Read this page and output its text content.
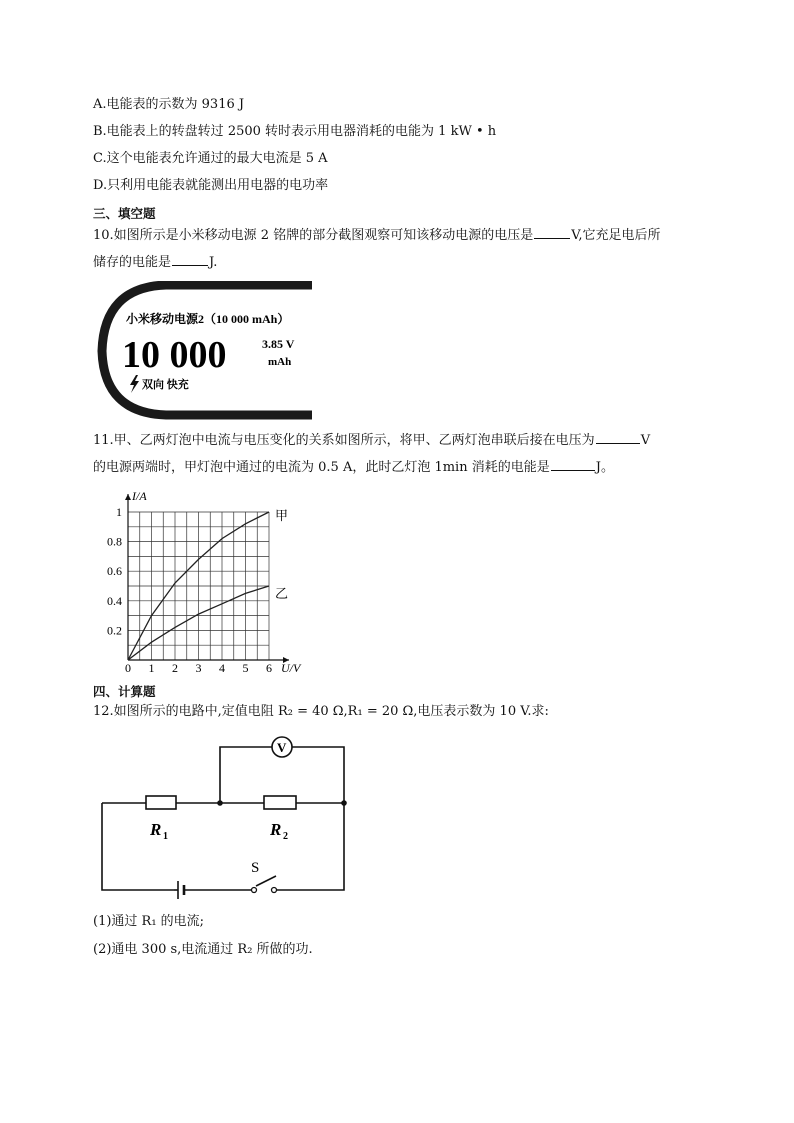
A.电能表的示数为 9316 J
B.电能表上的转盘转过 2500 转时表示用电器消耗的电能为 1 kW • h
C.这个电能表允许通过的最大电流是 5 A
D.只利用电能表就能测出用电器的电功率
三、填空题
10.如图所示是小米移动电源 2 铭牌的部分截图观察可知该移动电源的电压是	V,它充足电后所
储存的电能是	J.
小米移动电源2（10 000 mAh）
10 000	3.85 V
mAh
双向 快充
11.甲、乙两灯泡中电流与电压变化的关系如图所示，将甲、乙两灯泡串联后接在电压为	V
的电源两端时，甲灯泡中通过的电流为 0.5 A，此时乙灯泡 1min 消耗的电能是	J。
0 1 2 3 4 5 6
0.2
0.4
0.6
0.8
1
U/V
I/A
甲
乙
四、计算题
12.如图所示的电路中,定值电阻 R₂ = 40 Ω,R₁ = 20 Ω,电压表示数为 10 V.求:
V
R 1	R 2
S
(1)通过 R₁ 的电流;
(2)通电 300 s,电流通过 R₂ 所做的功.
